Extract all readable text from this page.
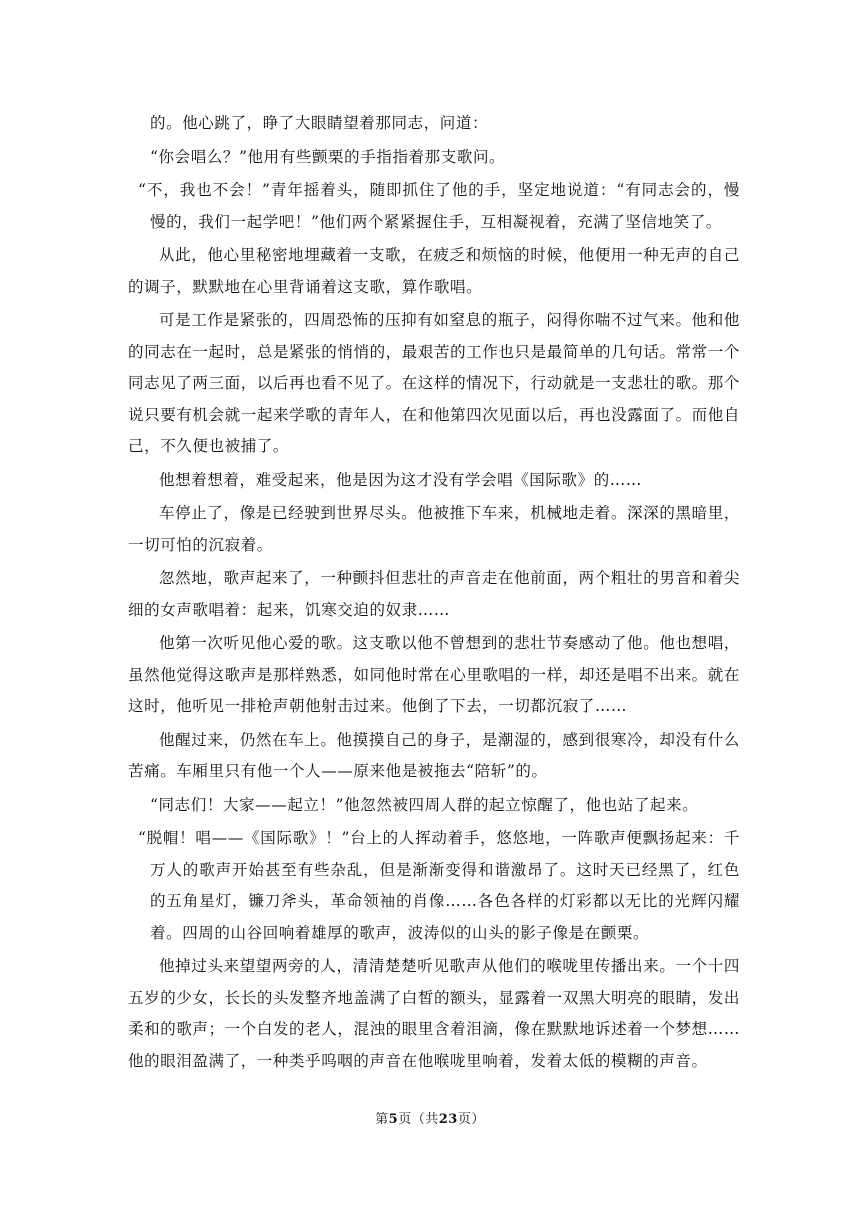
的。他心跳了，睁了大眼睛望着那同志，问道：

“你会唱么？”他用有些颤栗的手指指着那支歌问。

“不，我也不会！”青年摇着头，随即抓住了他的手，坚定地说道：“有同志会的，慢慢的，我们一起学吧！”他们两个紧紧握住手，互相凝视着，充满了坚信地笑了。

从此，他心里秘密地埋藏着一支歌，在疲乏和烦恼的时候，他便用一种无声的自己的调子，默默地在心里背诵着这支歌，算作歌唱。

可是工作是紧张的，四周恐怖的压抑有如窒息的瓶子，闷得你喘不过气来。他和他的同志在一起时，总是紧张的悄悄的，最艰苦的工作也只是最简单的几句话。常常一个同志见了两三面，以后再也看不见了。在这样的情况下，行动就是一支悲壮的歌。那个说只要有机会就一起来学歌的青年人，在和他第四次见面以后，再也没露面了。而他自己，不久便也被捕了。

他想着想着，难受起来，他是因为这才没有学会唱《国际歌》的……

车停止了，像是已经驶到世界尽头。他被推下车来，机械地走着。深深的黑暗里，一切可怕的沉寂着。

忽然地，歌声起来了，一种颤抖但悲壮的声音走在他前面，两个粗壮的男音和着尖细的女声歌唱着：起来，饥寒交迫的奴隶……

他第一次听见他心爱的歌。这支歌以他不曾想到的悲壮节奏感动了他。他也想唱，虽然他觉得这歌声是那样熟悉，如同他时常在心里歌唱的一样，却还是唱不出来。就在这时，他听见一排枪声朝他射击过来。他倒了下去，一切都沉寂了……

他醒过来，仍然在车上。他摸摸自己的身子，是潮湿的，感到很寒冷，却没有什么苦痛。车厢里只有他一个人——原来他是被拖去“陪斩”的。

“同志们！大家——起立！”他忽然被四周人群的起立惊醒了，他也站了起来。

“脱帽！唱——《国际歌》！”台上的人挥动着手，悠悠地，一阵歌声便飘扬起来：千万人的歌声开始甚至有些杂乱，但是渐渐变得和谐激昂了。这时天已经黑了，红色的五角星灯，镰刀斧头，革命领袖的肖像……各色各样的灯彩都以无比的光辉闪耀着。四周的山谷回响着雄厚的歌声，波涛似的山头的影子像是在颤栗。

他掉过头来望望两旁的人，清清楚楚听见歌声从他们的喉咙里传播出来。一个十四五岁的少女，长长的头发整齐地盖满了白皙的额头，显露着一双黑大明亮的眼睛，发出柔和的歌声；一个白发的老人，混浊的眼里含着泪滴，像在默默地诉述着一个梦想……他的眼泪盈满了，一种类乎呜咽的声音在他喉咙里响着，发着太低的模糊的声音。

第5页（共23页）
